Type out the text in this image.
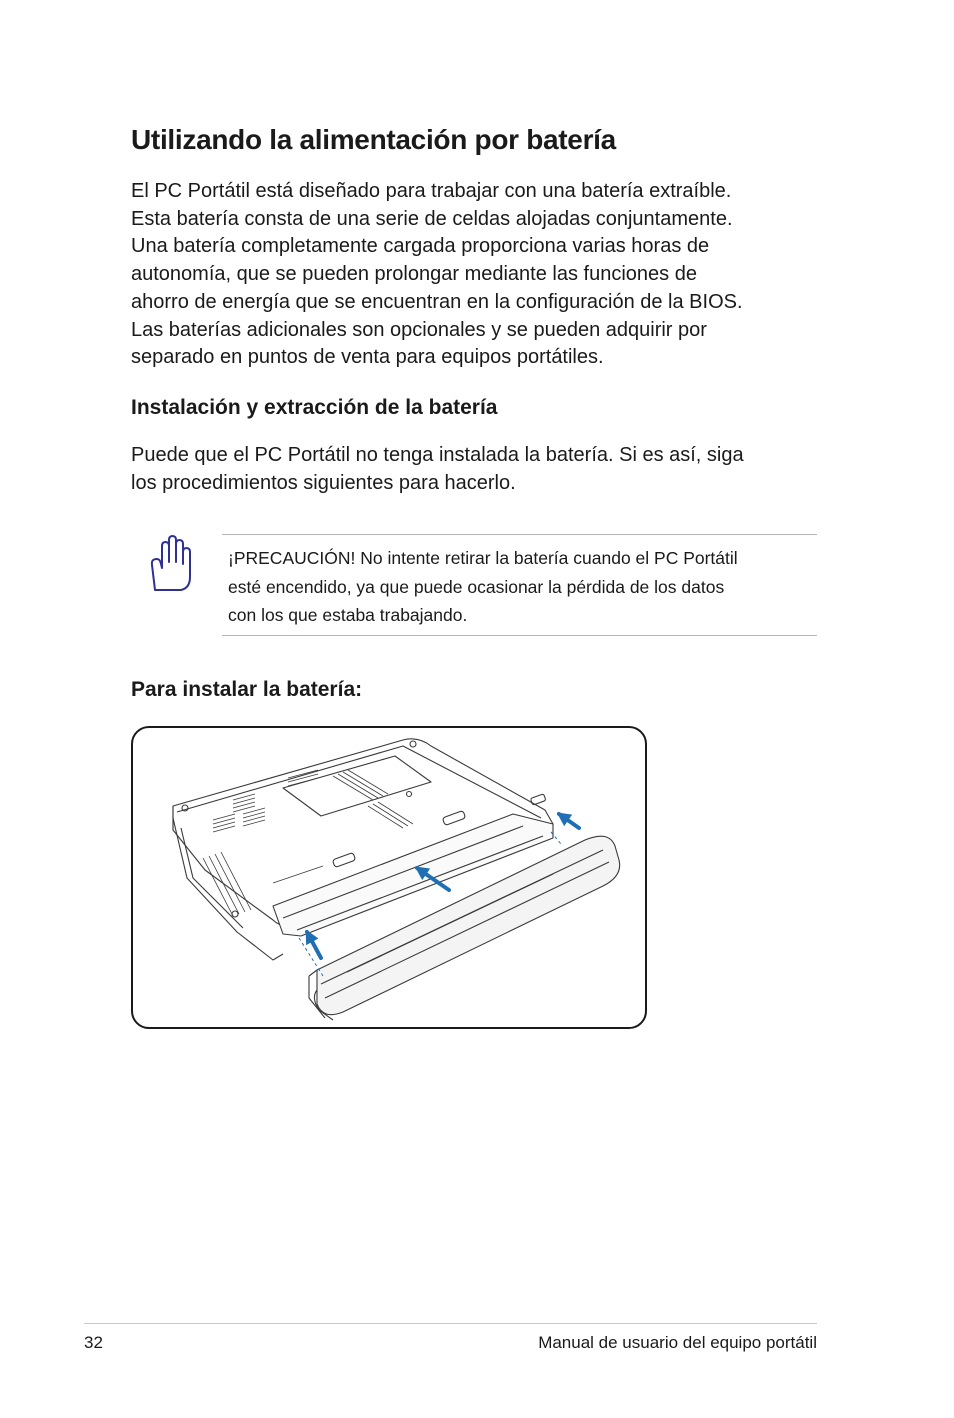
Utilizando la alimentación por batería

El PC Portátil está diseñado para trabajar con una batería extraíble.
Esta batería consta de una serie de celdas alojadas conjuntamente.
Una batería completamente cargada proporciona varias horas de
autonomía, que se pueden prolongar mediante las funciones de
ahorro de energía que se encuentran en la configuración de la BIOS.
Las baterías adicionales son opcionales y se pueden adquirir por
separado en puntos de venta para equipos portátiles.

Instalación y extracción de la batería

Puede que el PC Portátil no tenga instalada la batería. Si es así, siga
los procedimientos siguientes para hacerlo.

¡PRECAUCIÓN! No intente retirar la batería cuando el PC Portátil
esté encendido, ya que puede ocasionar la pérdida de los datos
con los que estaba trabajando.

Para instalar la batería:
32	Manual de usuario del equipo portátil
